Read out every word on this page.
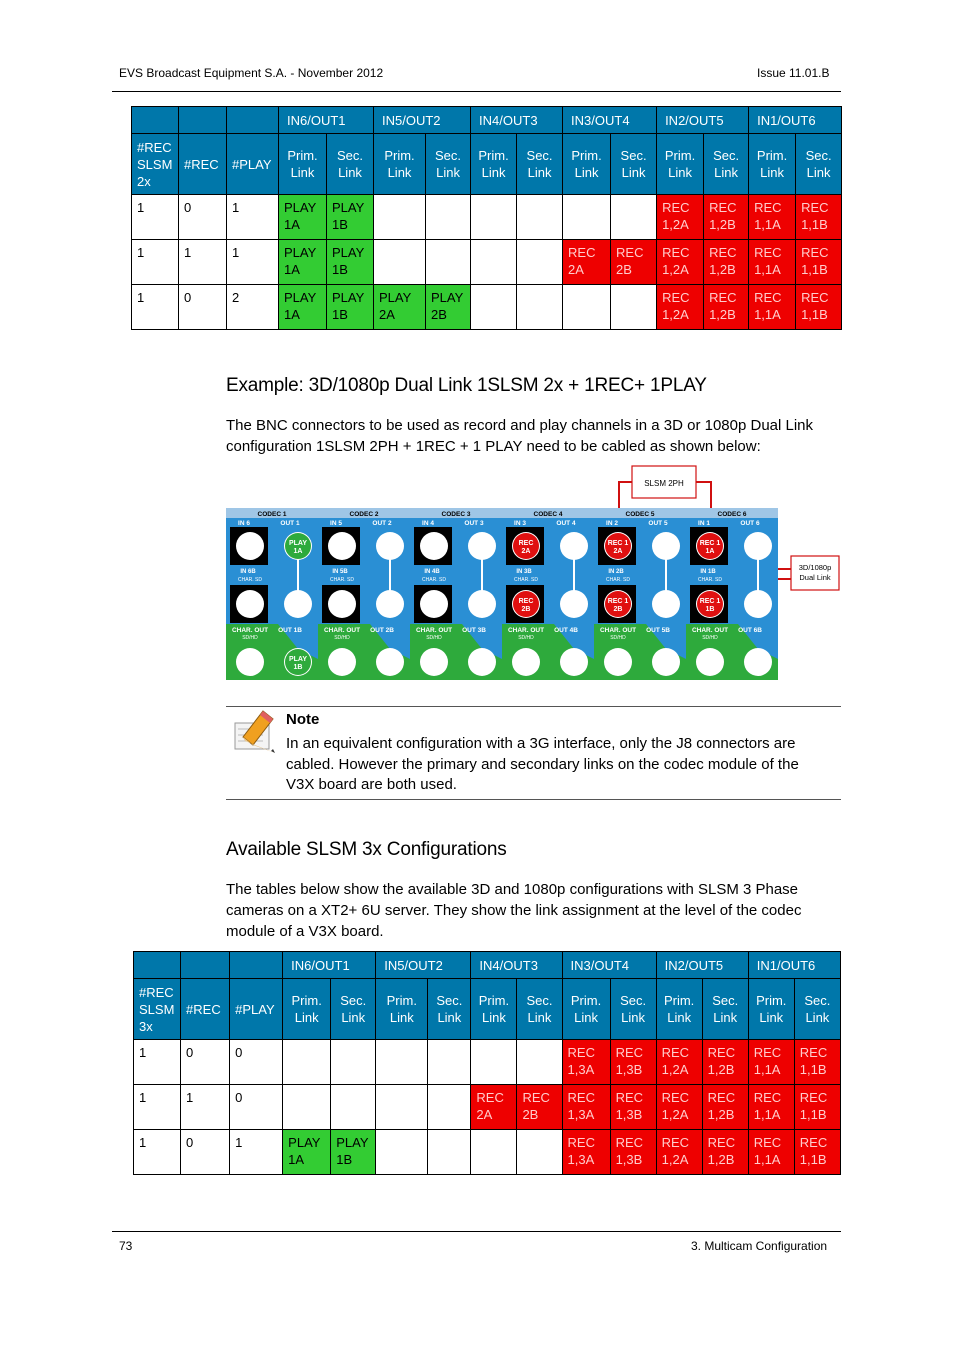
EVS Broadcast Equipment S.A. - November 2012	Issue 11.01.B
			IN6/OUT1		IN5/OUT2		IN4/OUT3		IN3/OUT4		IN2/OUT5		IN1/OUT6	
#REC SLSM 2x	#REC	#PLAY	Prim. Link	Sec. Link	Prim. Link	Sec. Link	Prim. Link	Sec. Link	Prim. Link	Sec. Link	Prim. Link	Sec. Link	Prim. Link	Sec. Link
1	0	1	PLAY 1A	PLAY 1B							REC 1,2A	REC 1,2B	REC 1,1A	REC 1,1B
1	1	1	PLAY 1A	PLAY 1B					REC 2A	REC 2B	REC 1,2A	REC 1,2B	REC 1,1A	REC 1,1B
1	0	2	PLAY 1A	PLAY 1B	PLAY 2A	PLAY 2B					REC 1,2A	REC 1,2B	REC 1,1A	REC 1,1B
Example: 3D/1080p Dual Link 1SLSM 2x + 1REC+ 1PLAY

The BNC connectors to be used as record and play channels in a 3D or 1080p Dual Link configuration 1SLSM 2PH + 1REC + 1 PLAY need to be cabled as shown below:

SLSM 2PH
3D/1080p
Dual Link
CODEC 1
IN 6	OUT 1
IN 6B
CHAR. SD
OUT 1B
CHAR. OUT
SD/HD
PLAY
1A
PLAY
1B
CODEC 2
IN 5	OUT 2
IN 5B
CHAR. SD
OUT 2B
CHAR. OUT
SD/HD
CODEC 3
IN 4	OUT 3
IN 4B
CHAR. SD
OUT 3B
CHAR. OUT
SD/HD
CODEC 4
IN 3	OUT 4
IN 3B
CHAR. SD
OUT 4B
CHAR. OUT
SD/HD
REC
2A
REC
2B
CODEC 5
IN 2	OUT 5
IN 2B
CHAR. SD
OUT 5B
CHAR. OUT
SD/HD
REC 1
2A
REC 1
2B
CODEC 6
IN 1	OUT 6
IN 1B
CHAR. SD
OUT 6B
CHAR. OUT
SD/HD
REC 1
1A
REC 1
1B

Note

In an equivalent configuration with a 3G interface, only the J8 connectors are cabled. However the primary and secondary links on the codec module of the V3X board are both used.

Available SLSM 3x Configurations

The tables below show the available 3D and 1080p configurations with SLSM 3 Phase cameras on a XT2+ 6U server. They show the link assignment at the level of the codec module of a V3X board.

			IN6/OUT1		IN5/OUT2		IN4/OUT3		IN3/OUT4		IN2/OUT5		IN1/OUT6	
#REC SLSM 3x	#REC	#PLAY	Prim. Link	Sec. Link	Prim. Link	Sec. Link	Prim. Link	Sec. Link	Prim. Link	Sec. Link	Prim. Link	Sec. Link	Prim. Link	Sec. Link
1	0	0							REC 1,3A	REC 1,3B	REC 1,2A	REC 1,2B	REC 1,1A	REC 1,1B
1	1	0					REC 2A	REC 2B	REC 1,3A	REC 1,3B	REC 1,2A	REC 1,2B	REC 1,1A	REC 1,1B
1	0	1	PLAY 1A	PLAY 1B					REC 1,3A	REC 1,3B	REC 1,2A	REC 1,2B	REC 1,1A	REC 1,1B
73	3. Multicam Configuration
